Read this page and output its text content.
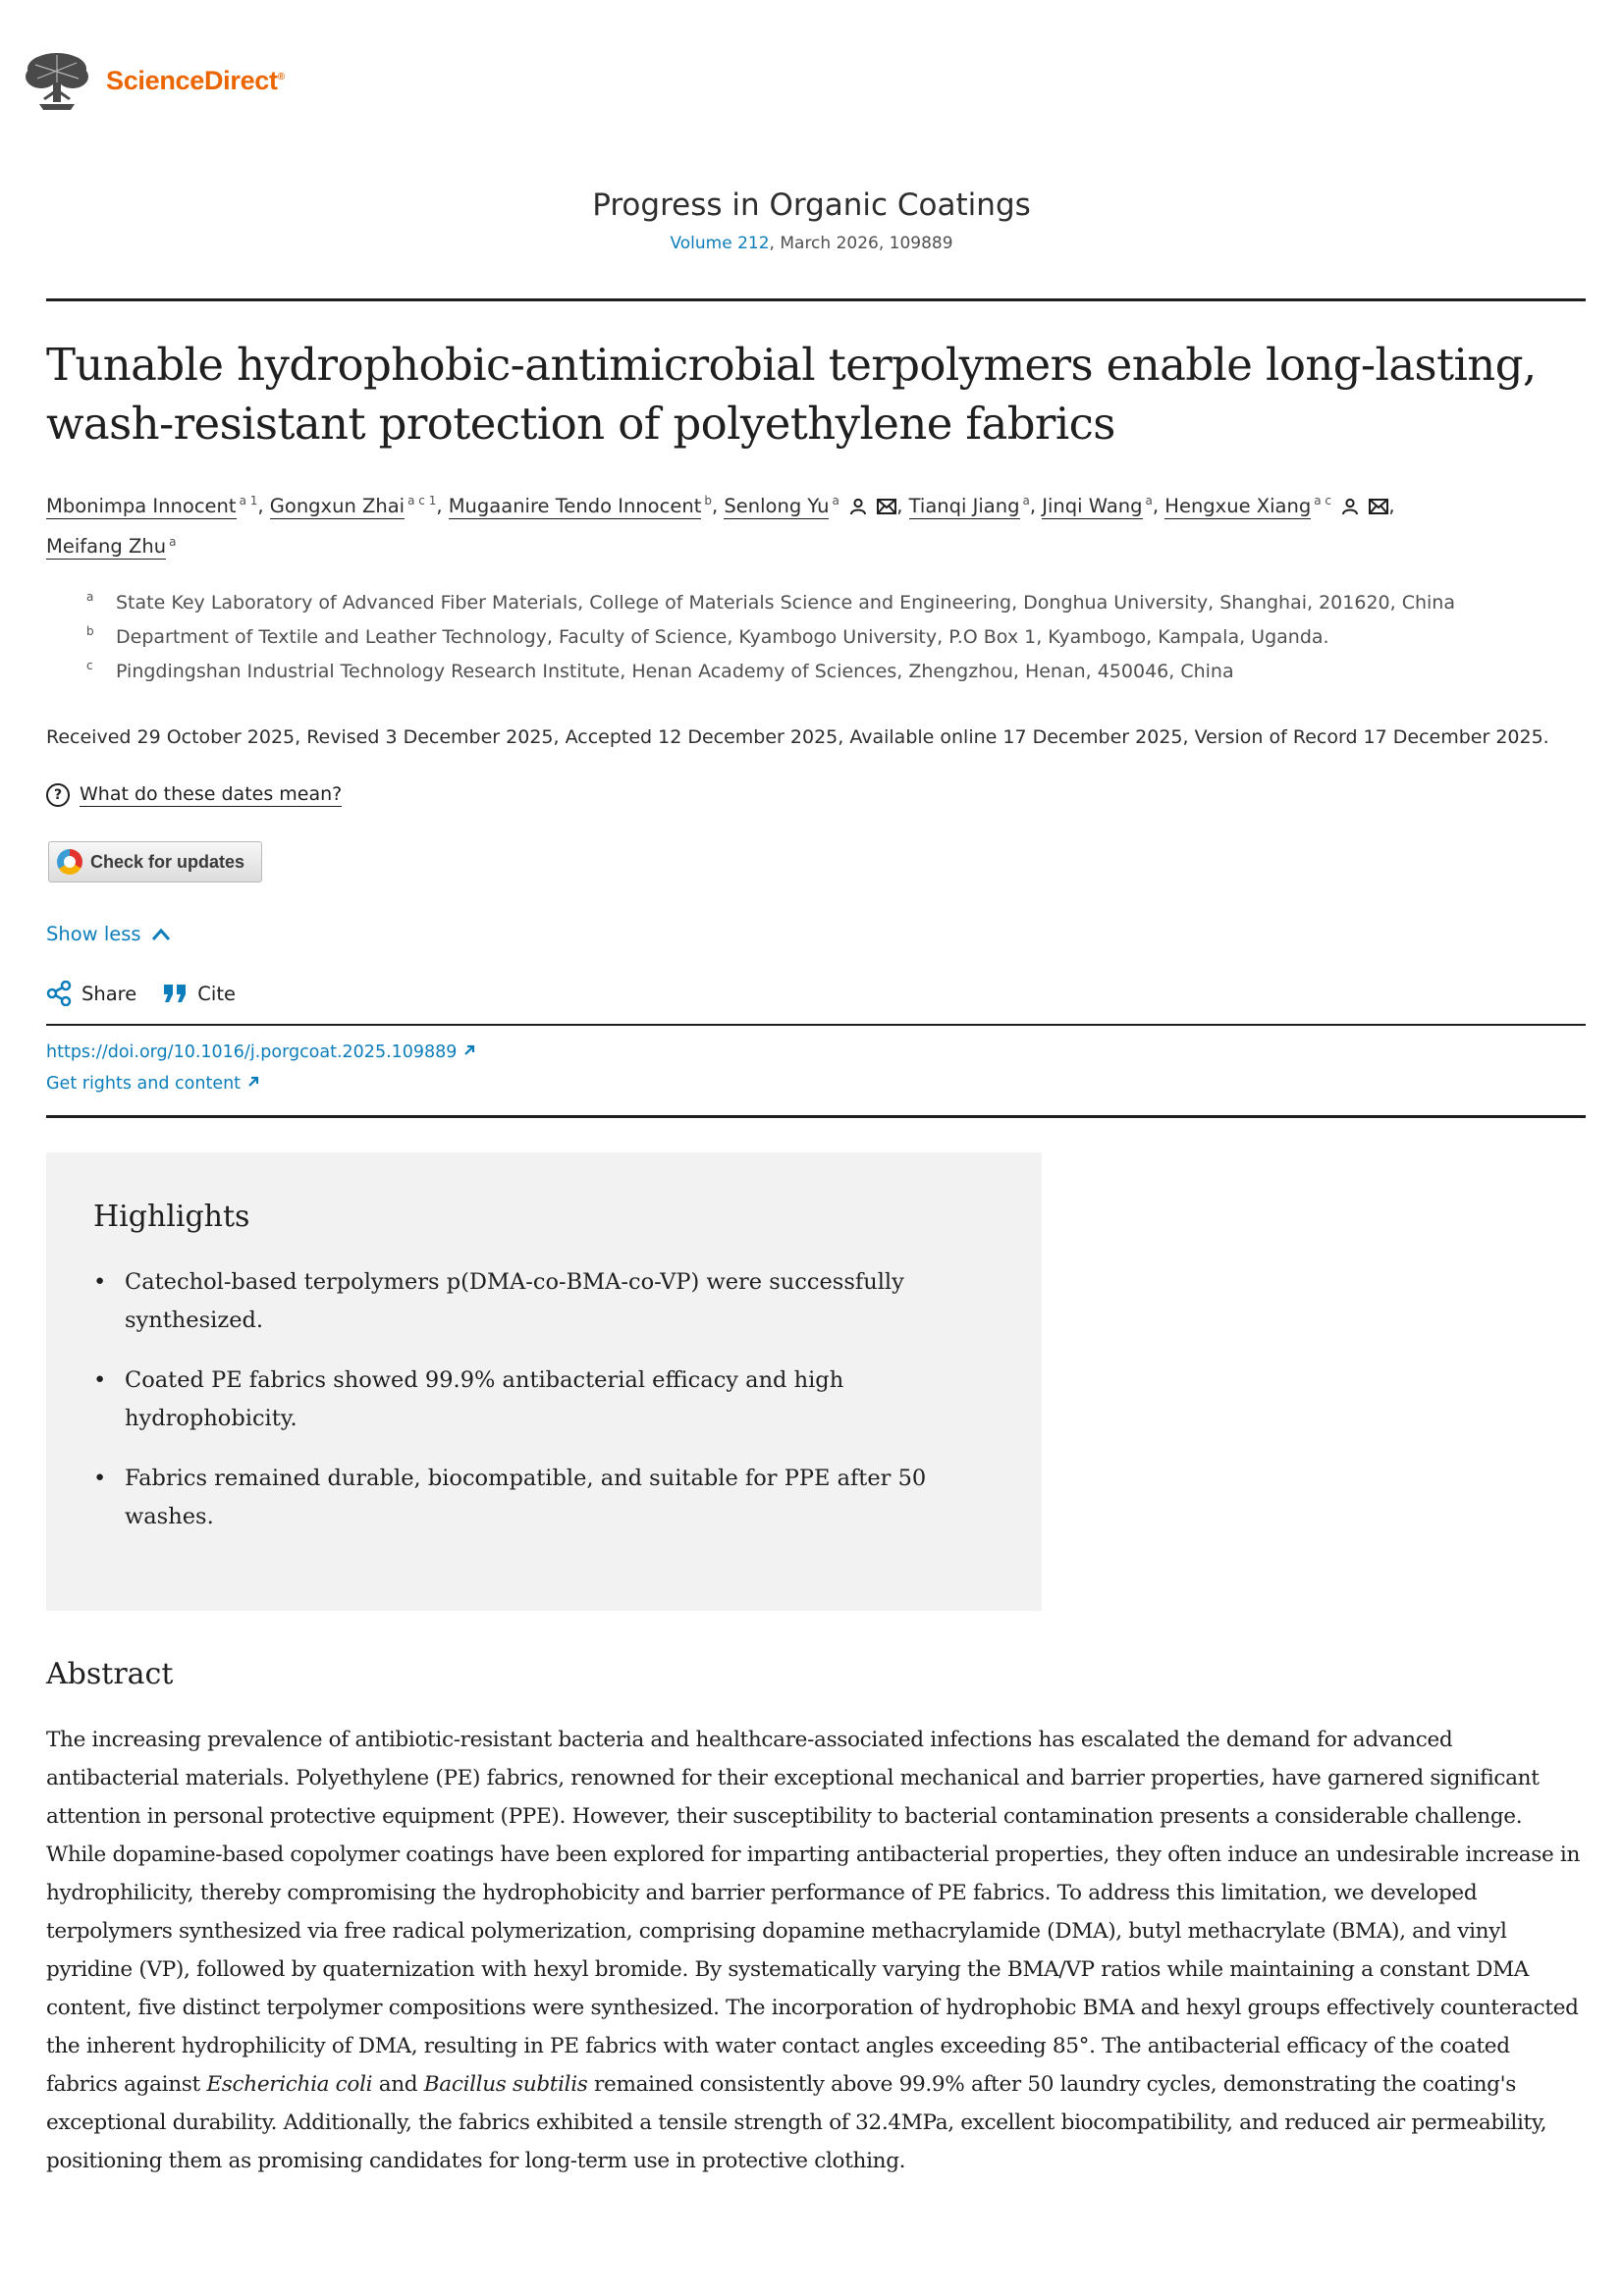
ScienceDirect®
Progress in Organic Coatings
Volume 212, March 2026, 109889
Tunable hydrophobic-antimicrobial terpolymers enable long-lasting, wash-resistant protection of polyethylene fabrics
Mbonimpa Innocent $^{a 1}$, Gongxun Zhai $^{a c 1}$, Mugaanire Tendo Innocent $^b$, Senlong Yu $^a$	, Tianqi Jiang $^a$, Jinqi Wang $^a$, Hengxue Xiang $^{a c}$	,
Meifang Zhu $^a$
a	State Key Laboratory of Advanced Fiber Materials, College of Materials Science and Engineering, Donghua University, Shanghai, 201620, China
b	Department of Textile and Leather Technology, Faculty of Science, Kyambogo University, P.O Box 1, Kyambogo, Kampala, Uganda.
c	Pingdingshan Industrial Technology Research Institute, Henan Academy of Sciences, Zhengzhou, Henan, 450046, China
Received 29 October 2025, Revised 3 December 2025, Accepted 12 December 2025, Available online 17 December 2025, Version of Record 17 December 2025.
? What do these dates mean?
Check for updates
Show less
Share	Cite
https://doi.org/10.1016/j.porgcoat.2025.109889
Get rights and content
Highlights
• Catechol-based terpolymers p(DMA-co-BMA-co-VP) were successfully synthesized.
• Coated PE fabrics showed 99.9% antibacterial efficacy and high hydrophobicity.
• Fabrics remained durable, biocompatible, and suitable for PPE after 50 washes.
Abstract
The increasing prevalence of antibiotic-resistant bacteria and healthcare-associated infections has escalated the demand for advanced antibacterial materials. Polyethylene (PE) fabrics, renowned for their exceptional mechanical and barrier properties, have garnered significant attention in personal protective equipment (PPE). However, their susceptibility to bacterial contamination presents a considerable challenge. While dopamine-based copolymer coatings have been explored for imparting antibacterial properties, they often induce an undesirable increase in hydrophilicity, thereby compromising the hydrophobicity and barrier performance of PE fabrics. To address this limitation, we developed terpolymers synthesized via free radical polymerization, comprising dopamine methacrylamide (DMA), butyl methacrylate (BMA), and vinyl pyridine (VP), followed by quaternization with hexyl bromide. By systematically varying the BMA/VP ratios while maintaining a constant DMA content, five distinct terpolymer compositions were synthesized. The incorporation of hydrophobic BMA and hexyl groups effectively counteracted the inherent hydrophilicity of DMA, resulting in PE fabrics with water contact angles exceeding 85°. The antibacterial efficacy of the coated fabrics against Escherichia coli and Bacillus subtilis remained consistently above 99.9% after 50 laundry cycles, demonstrating the coating's exceptional durability. Additionally, the fabrics exhibited a tensile strength of 32.4MPa, excellent biocompatibility, and reduced air permeability, positioning them as promising candidates for long-term use in protective clothing.
